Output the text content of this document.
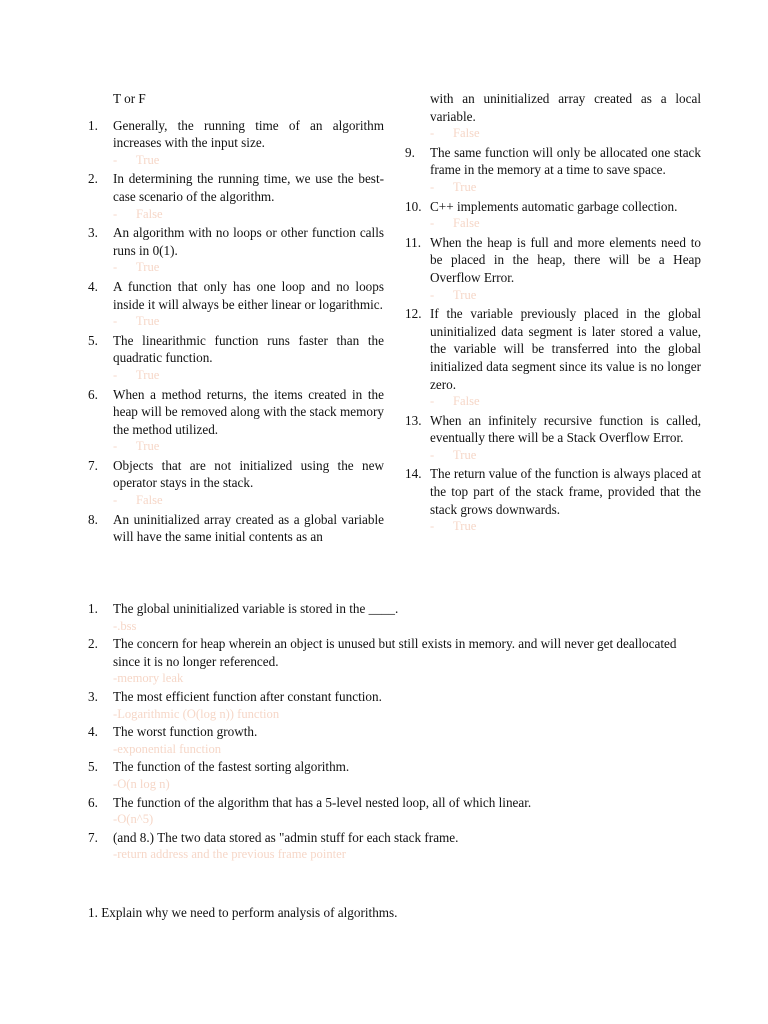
T or F
1.	Generally, the running time of an algorithm increases with the input size.
- True
2.	In determining the running time, we use the best-case scenario of the algorithm.
- False
3.	An algorithm with no loops or other function calls runs in 0(1).
- True
4.	A function that only has one loop and no loops inside it will always be either linear or logarithmic.
- True
5.	The linearithmic function runs faster than the quadratic function.
- True
6.	When a method returns, the items created in the heap will be removed along with the stack memory the method utilized.
- True
7.	Objects that are not initialized using the new operator stays in the stack.
- False
8.	An uninitialized array created as a global variable will have the same initial contents as an
with an uninitialized array created as a local variable.
- False
9.	The same function will only be allocated one stack frame in the memory at a time to save space.
- True
10. C++ implements automatic garbage collection.
- False
11. When the heap is full and more elements need to be placed in the heap, there will be a Heap Overflow Error.
- True
12. If the variable previously placed in the global uninitialized data segment is later stored a value, the variable will be transferred into the global initialized data segment since its value is no longer zero.
- False
13. When an infinitely recursive function is called, eventually there will be a Stack Overflow Error.
- True
14. The return value of the function is always placed at the top part of the stack frame, provided that the stack grows downwards.
- True
1.	The global uninitialized variable is stored in the ____.
-.bss
2.	The concern for heap wherein an object is unused but still exists in memory. and will never get deallocated since it is no longer referenced.
-memory leak
3.	The most efficient function after constant function.
-Logarithmic (O(log n)) function
4.	The worst function growth.
-exponential function
5.	The function of the fastest sorting algorithm.
-O(n log n)
6.	The function of the algorithm that has a 5-level nested loop, all of which linear.
-O(n^5)
7.	(and 8.) The two data stored as "admin stuff for each stack frame.
-return address and the previous frame pointer
1. Explain why we need to perform analysis of algorithms.
